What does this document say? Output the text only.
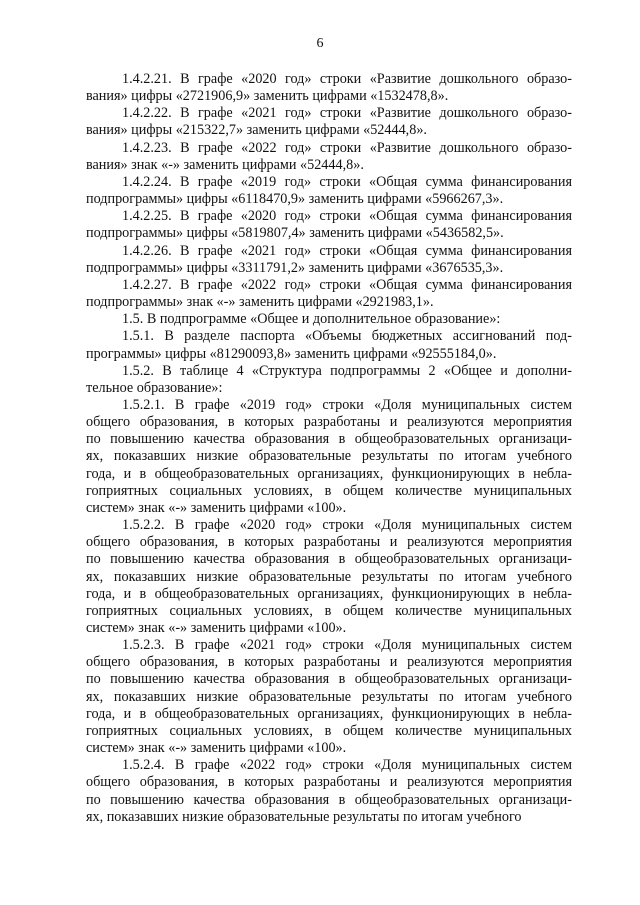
6
1.4.2.21. В графе «2020 год» строки «Развитие дошкольного образо-
вания» цифры «2721906,9» заменить цифрами «1532478,8».
1.4.2.22. В графе «2021 год» строки «Развитие дошкольного образо-
вания» цифры «215322,7» заменить цифрами «52444,8».
1.4.2.23. В графе «2022 год» строки «Развитие дошкольного образо-
вания» знак «-» заменить цифрами «52444,8».
1.4.2.24. В графе «2019 год» строки «Общая сумма финансирования
подпрограммы» цифры «6118470,9» заменить цифрами «5966267,3».
1.4.2.25. В графе «2020 год» строки «Общая сумма финансирования
подпрограммы» цифры «5819807,4» заменить цифрами «5436582,5».
1.4.2.26. В графе «2021 год» строки «Общая сумма финансирования
подпрограммы» цифры «3311791,2» заменить цифрами «3676535,3».
1.4.2.27. В графе «2022 год» строки «Общая сумма финансирования
подпрограммы» знак «-» заменить цифрами «2921983,1».
1.5. В подпрограмме «Общее и дополнительное образование»:
1.5.1. В разделе паспорта «Объемы бюджетных ассигнований под-
программы» цифры «81290093,8» заменить цифрами «92555184,0».
1.5.2. В таблице 4 «Структура подпрограммы 2 «Общее и дополни-
тельное образование»:
1.5.2.1. В графе «2019 год» строки «Доля муниципальных систем
общего образования, в которых разработаны и реализуются мероприятия
по повышению качества образования в общеобразовательных организаци-
ях, показавших низкие образовательные результаты по итогам учебного
года, и в общеобразовательных организациях, функционирующих в небла-
гоприятных социальных условиях, в общем количестве муниципальных
систем» знак «-» заменить цифрами «100».
1.5.2.2. В графе «2020 год» строки «Доля муниципальных систем
общего образования, в которых разработаны и реализуются мероприятия
по повышению качества образования в общеобразовательных организаци-
ях, показавших низкие образовательные результаты по итогам учебного
года, и в общеобразовательных организациях, функционирующих в небла-
гоприятных социальных условиях, в общем количестве муниципальных
систем» знак «-» заменить цифрами «100».
1.5.2.3. В графе «2021 год» строки «Доля муниципальных систем
общего образования, в которых разработаны и реализуются мероприятия
по повышению качества образования в общеобразовательных организаци-
ях, показавших низкие образовательные результаты по итогам учебного
года, и в общеобразовательных организациях, функционирующих в небла-
гоприятных социальных условиях, в общем количестве муниципальных
систем» знак «-» заменить цифрами «100».
1.5.2.4. В графе «2022 год» строки «Доля муниципальных систем
общего образования, в которых разработаны и реализуются мероприятия
по повышению качества образования в общеобразовательных организаци-
ях, показавших низкие образовательные результаты по итогам учебного
